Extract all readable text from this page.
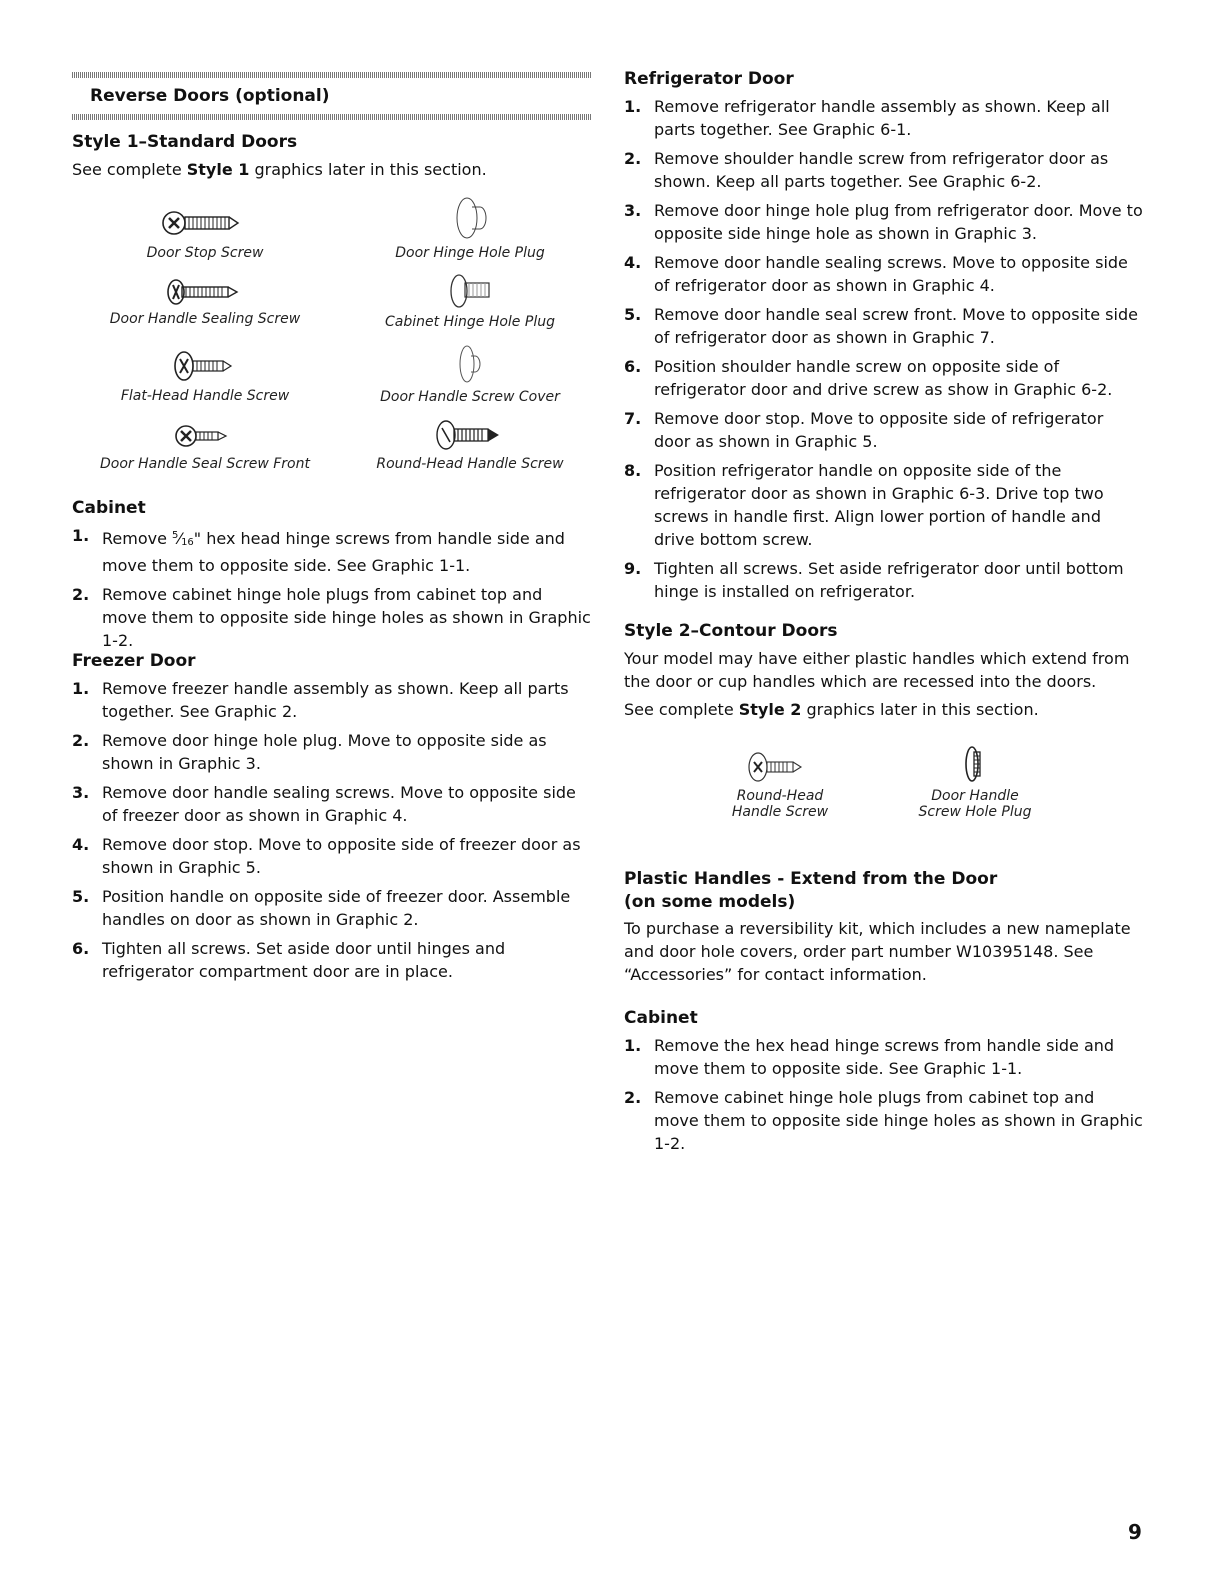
Reverse Doors (optional)
Style 1–Standard Doors
See complete Style 1 graphics later in this section.
Door Stop Screw	Door Hinge Hole Plug
Door Handle Sealing Screw	Cabinet Hinge Hole Plug
Flat-Head Handle Screw	Door Handle Screw Cover
Door Handle Seal Screw Front	Round-Head Handle Screw
Cabinet
1. Remove $^5⁄_{16}$" hex head hinge screws from handle side and move them to opposite side. See Graphic 1-1.
2. Remove cabinet hinge hole plugs from cabinet top and move them to opposite side hinge holes as shown in Graphic 1-2.
Freezer Door
1. Remove freezer handle assembly as shown. Keep all parts together. See Graphic 2.
2. Remove door hinge hole plug. Move to opposite side as shown in Graphic 3.
3. Remove door handle sealing screws. Move to opposite side of freezer door as shown in Graphic 4.
4. Remove door stop. Move to opposite side of freezer door as shown in Graphic 5.
5. Position handle on opposite side of freezer door. Assemble handles on door as shown in Graphic 2.
6. Tighten all screws. Set aside door until hinges and refrigerator compartment door are in place.
Refrigerator Door
1. Remove refrigerator handle assembly as shown. Keep all parts together. See Graphic 6-1.
2. Remove shoulder handle screw from refrigerator door as shown. Keep all parts together. See Graphic 6-2.
3. Remove door hinge hole plug from refrigerator door. Move to opposite side hinge hole as shown in Graphic 3.
4. Remove door handle sealing screws. Move to opposite side of refrigerator door as shown in Graphic 4.
5. Remove door handle seal screw front. Move to opposite side of refrigerator door as shown in Graphic 7.
6. Position shoulder handle screw on opposite side of refrigerator door and drive screw as show in Graphic 6-2.
7. Remove door stop. Move to opposite side of refrigerator door as shown in Graphic 5.
8. Position refrigerator handle on opposite side of the refrigerator door as shown in Graphic 6-3. Drive top two screws in handle first. Align lower portion of handle and drive bottom screw.
9. Tighten all screws. Set aside refrigerator door until bottom hinge is installed on refrigerator.
Style 2–Contour Doors
Your model may have either plastic handles which extend from the door or cup handles which are recessed into the doors.
See complete Style 2 graphics later in this section.
Round-Head
Handle Screw
Door Handle
Screw Hole Plug
Plastic Handles - Extend from the Door
(on some models)
To purchase a reversibility kit, which includes a new nameplate and door hole covers, order part number W10395148. See “Accessories” for contact information.
Cabinet
1. Remove the hex head hinge screws from handle side and move them to opposite side. See Graphic 1-1.
2. Remove cabinet hinge hole plugs from cabinet top and move them to opposite side hinge holes as shown in Graphic 1-2.
9
